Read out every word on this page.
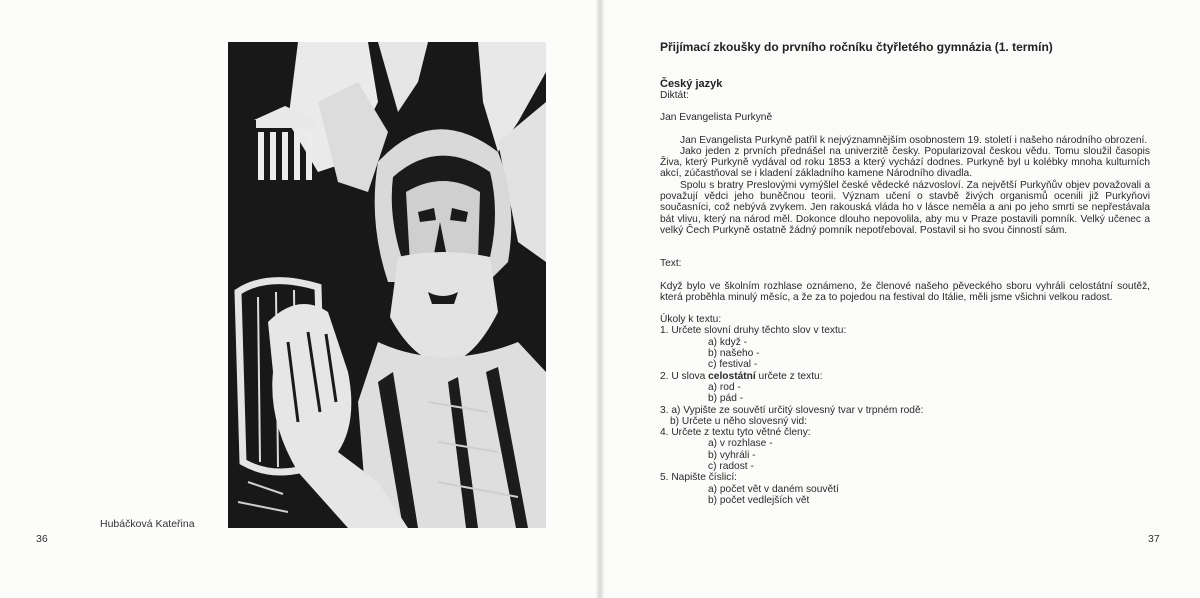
Hubáčková Kateřina
36
Přijímací zkoušky do prvního ročníku čtyřletého gymnázia (1. termín)
Český jazyk
Diktát:
Jan Evangelista Purkyně
Jan Evangelista Purkyně patřil k nejvýznamnějším osobnostem 19. století i našeho národního obrození.
Jako jeden z prvních přednášel na univerzitě česky. Popularizoval českou vědu. Tomu sloužil časopis Živa, který Purkyně vydával od roku 1853 a který vychází dodnes. Purkyně byl u kolébky mnoha kulturních akcí, zúčastňoval se i kladení základního kamene Národního divadla.
Spolu s bratry Preslovými vymýšlel české vědecké názvosloví. Za největší Purkyňův objev považovali a považují vědci jeho buněčnou teorii. Význam učení o stavbě živých organismů ocenili již Purkyňovi současníci, což nebývá zvykem. Jen rakouská vláda ho v lásce neměla a ani po jeho smrti se nepřestávala bát vlivu, který na národ měl. Dokonce dlouho nepovolila, aby mu v Praze postavili pomník. Velký učenec a velký Čech Purkyně ostatně žádný pomník nepotřeboval. Postavil si ho svou činností sám.
Text:
Když bylo ve školním rozhlase oznámeno, že členové našeho pěveckého sboru vyhráli celostátní soutěž, která proběhla minulý měsíc, a že za to pojedou na festival do Itálie, měli jsme všichni velkou radost.
Úkoly k textu:
1. Určete slovní druhy těchto slov v textu:
a) když -
b) našeho -
c) festival -
2. U slova celostátní určete z textu:
a) rod -
b) pád -
3. a) Vypište ze souvětí určitý slovesný tvar v trpném rodě:
b) Určete u něho slovesný vid:
4. Určete z textu tyto větné členy:
a) v rozhlase -
b) vyhráli -
c) radost -
5. Napište číslicí:
a) počet vět v daném souvětí
b) počet vedlejších vět
37
